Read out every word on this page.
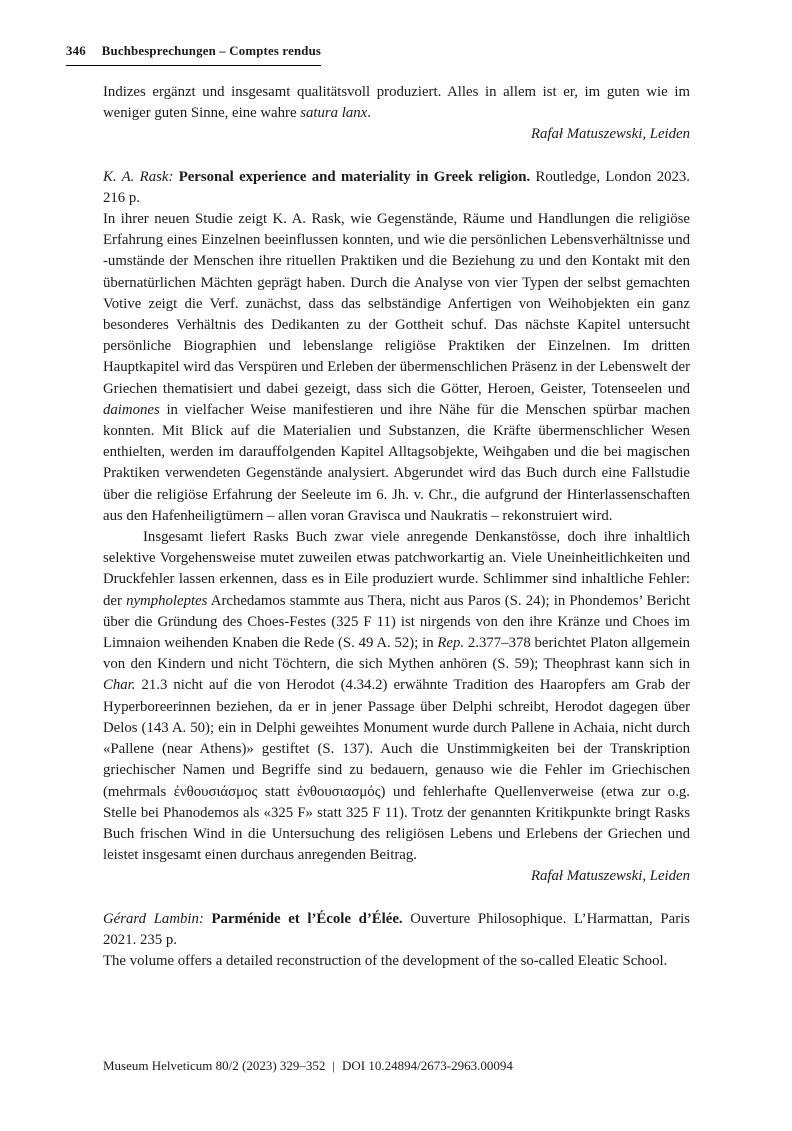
346 Buchbesprechungen – Comptes rendus

Indizes ergänzt und insgesamt qualitätsvoll produziert. Alles in allem ist er, im guten wie im weniger guten Sinne, eine wahre satura lanx.

Rafał Matuszewski, Leiden

K. A. Rask: Personal experience and materiality in Greek religion. Routledge, London 2023. 216 p.

In ihrer neuen Studie zeigt K. A. Rask, wie Gegenstände, Räume und Handlungen die religiöse Erfahrung eines Einzelnen beeinflussen konnten, und wie die persönlichen Lebensverhältnisse und -umstände der Menschen ihre rituellen Praktiken und die Beziehung zu und den Kontakt mit den übernatürlichen Mächten geprägt haben. Durch die Analyse von vier Typen der selbst gemachten Votive zeigt die Verf. zunächst, dass das selbständige Anfertigen von Weihobjekten ein ganz besonderes Verhältnis des Dedikanten zu der Gottheit schuf. Das nächste Kapitel untersucht persönliche Biographien und lebenslange religiöse Praktiken der Einzelnen. Im dritten Hauptkapitel wird das Verspüren und Erleben der übermenschlichen Präsenz in der Lebenswelt der Griechen thematisiert und dabei gezeigt, dass sich die Götter, Heroen, Geister, Totenseelen und daimones in vielfacher Weise manifestieren und ihre Nähe für die Menschen spürbar machen konnten. Mit Blick auf die Materialien und Substanzen, die Kräfte übermenschlicher Wesen enthielten, werden im darauffolgenden Kapitel Alltagsobjekte, Weihgaben und die bei magischen Praktiken verwendeten Gegenstände analysiert. Abgerundet wird das Buch durch eine Fallstudie über die religiöse Erfahrung der Seeleute im 6. Jh. v. Chr., die aufgrund der Hinterlassenschaften aus den Hafenheiligtümern – allen voran Gravisca und Naukratis – rekonstruiert wird.

Insgesamt liefert Rasks Buch zwar viele anregende Denkanstösse, doch ihre inhaltlich selektive Vorgehensweise mutet zuweilen etwas patchworkartig an. Viele Uneinheitlichkeiten und Druckfehler lassen erkennen, dass es in Eile produziert wurde. Schlimmer sind inhaltliche Fehler: der nympholeptes Archedamos stammte aus Thera, nicht aus Paros (S. 24); in Phondemos’ Bericht über die Gründung des Choes-Festes (325 F 11) ist nirgends von den ihre Kränze und Choes im Limnaion weihenden Knaben die Rede (S. 49 A. 52); in Rep. 2.377–378 berichtet Platon allgemein von den Kindern und nicht Töchtern, die sich Mythen anhören (S. 59); Theophrast kann sich in Char. 21.3 nicht auf die von Herodot (4.34.2) erwähnte Tradition des Haaropfers am Grab der Hyperboreerinnen beziehen, da er in jener Passage über Delphi schreibt, Herodot dagegen über Delos (143 A. 50); ein in Delphi geweihtes Monument wurde durch Pallene in Achaia, nicht durch «Pallene (near Athens)» gestiftet (S. 137). Auch die Unstimmigkeiten bei der Transkription griechischer Namen und Begriffe sind zu bedauern, genauso wie die Fehler im Griechischen (mehrmals ἐνθουσιάσμος statt ἐνθουσιασμός) und fehlerhafte Quellenverweise (etwa zur o.g. Stelle bei Phanodemos als «325 F» statt 325 F 11). Trotz der genannten Kritikpunkte bringt Rasks Buch frischen Wind in die Untersuchung des religiösen Lebens und Erlebens der Griechen und leistet insgesamt einen durchaus anregenden Beitrag.

Rafał Matuszewski, Leiden

Gérard Lambin: Parménide et l’École d’Élée. Ouverture Philosophique. L’Harmattan, Paris 2021. 235 p.

The volume offers a detailed reconstruction of the development of the so-called Eleatic School.

Museum Helveticum 80/2 (2023) 329–352 | DOI 10.24894/2673-2963.00094
